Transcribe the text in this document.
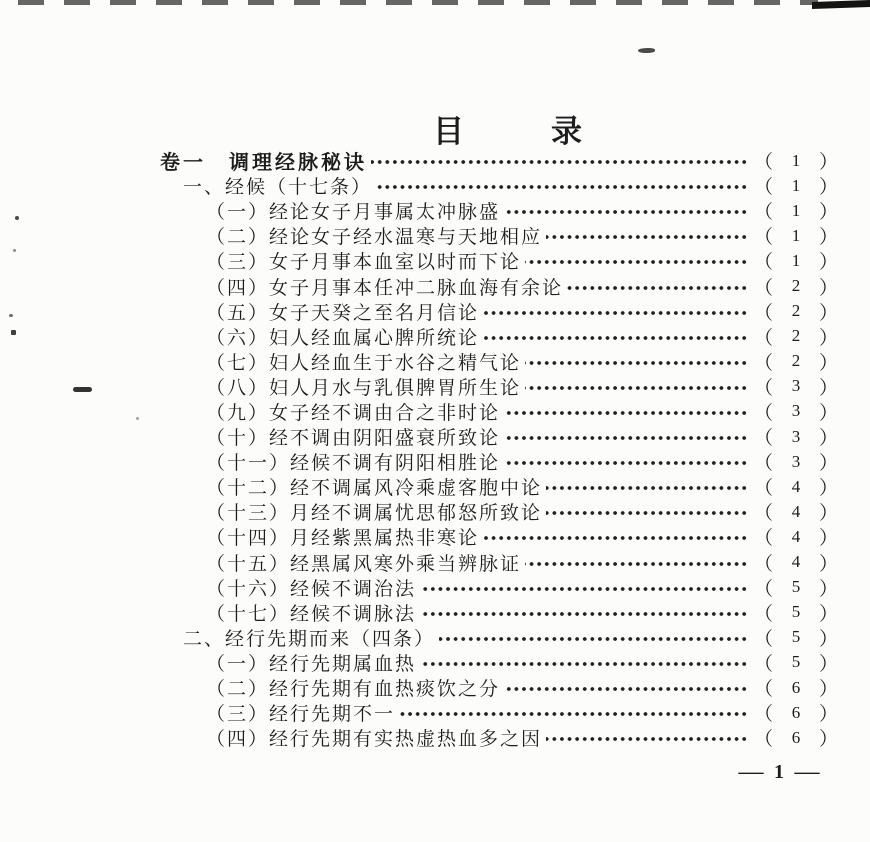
目	录
卷一　调理经脉秘诀	（ 1 ）
一、经候（十七条）	（ 1 ）
（一）经论女子月事属太冲脉盛	（ 1 ）
（二）经论女子经水温寒与天地相应	（ 1 ）
（三）女子月事本血室以时而下论	（ 1 ）
（四）女子月事本任冲二脉血海有余论	（ 2 ）
（五）女子天癸之至名月信论	（ 2 ）
（六）妇人经血属心脾所统论	（ 2 ）
（七）妇人经血生于水谷之精气论	（ 2 ）
（八）妇人月水与乳俱脾胃所生论	（ 3 ）
（九）女子经不调由合之非时论	（ 3 ）
（十）经不调由阴阳盛衰所致论	（ 3 ）
（十一）经候不调有阴阳相胜论	（ 3 ）
（十二）经不调属风冷乘虚客胞中论	（ 4 ）
（十三）月经不调属忧思郁怒所致论	（ 4 ）
（十四）月经紫黑属热非寒论	（ 4 ）
（十五）经黑属风寒外乘当辨脉证	（ 4 ）
（十六）经候不调治法	（ 5 ）
（十七）经候不调脉法	（ 5 ）
二、经行先期而来（四条）	（ 5 ）
（一）经行先期属血热	（ 5 ）
（二）经行先期有血热痰饮之分	（ 6 ）
（三）经行先期不一	（ 6 ）
（四）经行先期有实热虚热血多之因	（ 6 ）
— 1 —
